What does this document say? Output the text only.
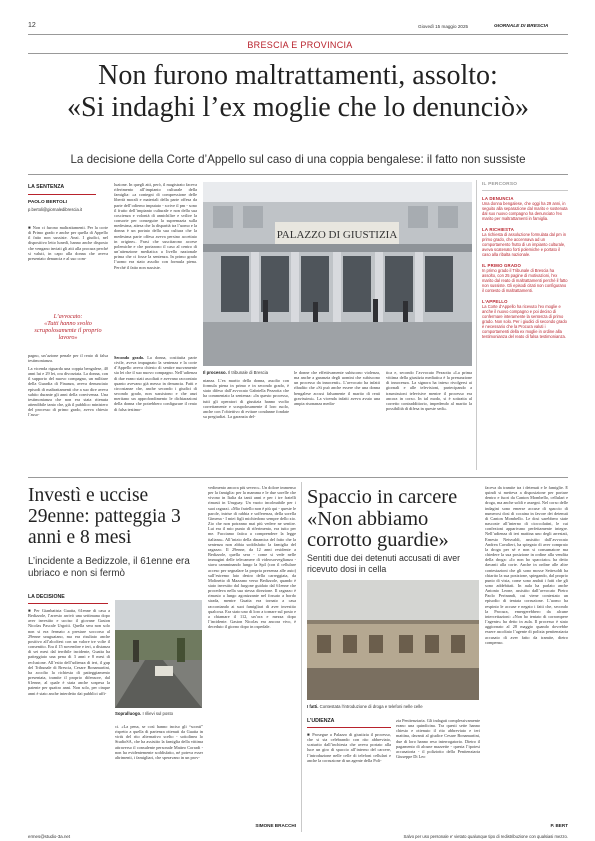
12	Giovedì 15 maggio 2025	GIORNALE DI BRESCIA
BRESCIA E PROVINCIA
Non furono maltrattamenti, assolto:
«Si indaghi l’ex moglie che lo denunciò»
La decisione della Corte d’Appello sul caso di una coppia bengalese: il fatto non sussiste
LA SENTENZA
PAOLO BERTOLI
p.bertoli@giornaledibrescia.it
■ Non ci furono maltrattamenti. Per la corte di Primo grado e anche per quella di Appello il fatto non sussiste. Anzi. I giudici, nel dispositivo letto lunedì, hanno anche disposto che vengano inviati gli atti alla procura perché si valuti, in capo alla donna che aveva presentato denuncia e al suo com-
L’avvocato:
«Tutti hanno svolto scrupolosamente il proprio lavoro»
pagno, un’azione penale per il reato di falsa testimonianza.
La vicenda riguarda una coppia bengalese, 40 anni lui e 29 lei, ora divorziata. La donna, con il supporto del nuovo compagno, un militare della Guardia di Finanza, aveva denunciato episodi di maltrattamenti che a suo dire aveva subito durante gli anni della convivenza. Una testimonianza che non era stata ritenuta attendibile tanto che, già il pubblico ministero del processo di primo grado, aveva chiesto l’asso-
luzione. In quegli atti, però, il magistrato faceva riferimento all’impianto culturale della famiglia: «a contegni di compressione delle libertà morali e materiali della parte offesa da parte dell’odierno imputato - scrive il pm - sono il frutto dell’impianto culturale e non della sua coscienza e volontà di annichilire e svilire la consorte per conseguire la supremazia sulla medesima, attesa che la disparità tra l’uomo e la donna è un portato della sua cultura che la medesima parte offesa aveva persino accettato in origine». Frasi che suscitarono accese polemiche e che portarono il caso al centro di un’attenzione mediatica a livello nazionale prima che ci fosse la sentenza. In primo grado l’uomo era stato assolto con formula piena. Perché il fatto non sussiste.
Secondo grado. La donna, costituita parte civile, aveva impugnato la sentenza e la corte d’Appello aveva chiesto di sentire nuovamente sia lei che il suo nuovo compagno. Nell’udienza di due erano stati ascoltati e avevano raccontato quanto avevano già messo in denuncia. Fatti e circostanze che, anche secondo i giudici di secondo grado, non sussistono e che anzi meritano un approfondimento le dichiarazioni della donna che potrebbero configurare il reato di falsa testimo-
PALAZZO DI GIUSTIZIA
Il processo. Il tribunale di Brescia
nianza. L’ex marito della donna, assolto con formula piena in primo e in secondo grado, è stato difeso dall’avvocato Gabriella Pezzotta che ha commentato la sentenza: «In questo processo, tutti gli operatori di giustizia hanno svolto correttamente e scrupolosamente il loro ruolo, anche con l’obiettivo di evitare condanne fondate su pregiudizi. La garanzia del-
le donne che effettivamente subiscono violenza, ma anche a garanzia degli uomini che subiscono un processo da innocenti». L’avvocato ha infatti ribadito che «Si può anche essere che una donna bengalese accusi falsamente il marito di reati gravissimi». La vicenda infatti aveva avuto una ampia risonanza media-
tica e, secondo l’avvocato Pezzotta «La prima vittima della giustizia mediatica è la presunzione di innocenza. La signora ha inteso rivolgersi ai giornali e alle televisioni, partecipando a trasmissioni televisive mentre il processo era ancora in corso. In tal modo, si è sottratta al corretto contraddittorio, impedendo al marito la possibilità di difesa in queste sedi».
IL PERCORSO
LA DENUNCIA
Una donna bengalese, che oggi ha 29 anni, in seguito alla separazione dal marito e sostenuta dal suo nuovo compagno ha denunciato l’ex marito per maltrattamenti in famiglia.
LA RICHIESTA
La richiesta di assoluzione formulata dal pm in primo grado, che accennava ad un comportamento frutto di un impianto culturale, aveva scatenato forti polemiche e portato il caso alla ribalta nazionale.
IL PRIMO GRADO
In primo grado il Tribunale di Brescia ha assolto, con 25 pagine di motivazioni, l’ex marito dal reato di maltrattamenti perché il fatto non sussiste. Gli episodi citati non configurano il contesto di maltrattamenti.
L’APPELLO
La Corte d’Appello ha ricevuto l’ex moglie e anche il nuovo compagno e poi deciso di confermare interamente la sentenza di primo grado. Non solo. Per i giudici di secondo grado è necessario che la Procura valuti i comportamenti della ex moglie in ordine alla testimonianza del reato di falsa testimonianza.
Investì e uccise 29enne: patteggia 3 anni e 8 mesi
L’incidente a Bedizzole, il 61enne era ubriaco e non si fermò
LA DECISIONE
■ Per Gianbatista Guatta, 61enne di casa a Bedizzole, l’arresto arrivò una settimana dopo aver investito e ucciso il giovane Gaston Nicolas Pascale Urgoiti. Quella sera non solo non si era fermato a prestare soccorso al 29enne uruguaiano, ma era risultato anche positivo all’alcoltest con un valore tre volte il consentito. Era il 15 novembre e ieri, a distanza di sei mesi dal terribile incidente, Guatta ha patteggiato una pena di 3 anni e 8 mesi di reclusione. All’esito dell’udienza di ieri, il gup del Tribunale di Brescia, Cesare Bonamartini, ha accolto la richiesta di patteggiamento presentata, tramite il proprio difensore, dal 61enne, al quale è stata anche sospesa la patente per quattro anni. Non solo, per cinque anni è stato anche interdetto dai pubblici uffi-
Sopralluogo. I rilievi sul posto
ci. «La pena, se così hanno inciso gli “sconti” rispetto a quella di partenza ottenuti da Guatta in virtù del rito alternativo scelto - sottolinea lo StudioSA, che ha assistito la famiglia della vittima attraverso il consulente personale Matteo Corradi - non ha evidentemente soddisfatto, né poteva esser altrimenti, i famigliari, che speravano in un prov-
vedimento ancora più severo». Un dolore immenso per la famiglia: per la mamma e le due sorelle che vivono in Italia da tanti anni e per i tre fratelli rimasti in Uruguay. Un vuoto incolmabile per i suoi ragazzi. «Mio fratello non è più qui - queste le parole, intrise di rabbia e sofferenza, della sorella Gimena - I miei figli michiedono sempre dello zio. Zio che non potranno mai più vedere ne sentire. Lui era il mio punto di riferimento, era tutto per me. Facciamo fatica a comprendere la legge italiana». All’inizio della dinamica del fatto che la sentenza non abbia soddisfatto la famiglia del ragazzo. Il 29enne, da 12 anni residente a Bedizzole, quella sera - come si vede nelle immagini delle telecamere di videosorveglianza - stava camminando lungo la Sp4 (con il cellulare acceso per segnalare la propria presenza alle auto) sull’estremo lato destro della carreggiata, da Molinetto di Mazzano verso Bedizzole, quando è stato investito dal furgone guidato dal 61enne che procedeva nella sua stessa direzione. Il ragazzo è rimasto a lungo agonizzante nel fossato a bordo strada, mentre Guatta era tornato a casa raccontando ai suoi famigliari di aver investito qualcosa. Era stato uno di loro a tornare sul posto e a chiamare il 112, un’ora e mezza dopo l’incidente. Gaston Nicolas era ancora vivo, è deceduto il giorno dopo in ospedale.
SIMONE BRACCHI
Spaccio in carcere «Non abbiamo corrotto guardie»
Sentiti due dei detenuti accusati di aver ricevuto dosi in cella
I fatti. Contestata l’introduzione di droga e telefoni nelle celle
L’UDIENZA
■ Proseguе a Palazzo di giustizia il processo, che si sta celebrando con rito abbreviato, scaturito dall’inchiesta che aveva portato alla luce un giro di spaccio all’interno del carcere, l’introduzione nelle celle di telefoni cellulari e anche la corruzione di un agente della Poli-
zia Penitenziaria. Gli indagati complessivamente erano una quindicina. Tra questi sette hanno chiesto e ottenuto il rito abbreviato e ieri mattina, davanti al giudice Cesare Bonamartini, due di loro hanno reso interrogatorio. Dietro il pagamento di alcune mazzette - questa l’ipotesi accusatoria - il poliziotto della Penitenziaria Giuseppe Di Leo
faceva da tramite tra i detenuti e le famiglie. E quindi si metteva a disposizione per portare dentro e fuori da Canton Mombello, cellulari e droga, ma anche soldi e assegni. Nel corso delle indagini sono emerse accuse di spaccio di numerosi dosi di cocaina in favore dei detenuti di Canton Mombello. Le dosi sarebbero state nascoste all’interno di cioccolatini, le cui confezioni apparivano perfettamente integre. Nell’udienza di ieri mattina uno degli arrestati, Ernesto Netsvaldi, assistito dall’avvocato Andrea Cavalieri, ha spiegato di aver comprato la droga per sé e non si consumatore ma chiedere la sua posizione in ordine alla vendita della droga: «Io non ho spacciato» ha detto davanti alla corte. Anche in ordine alle altre contestazioni che gli sono mosse Settesoldi ha chiarito la sua posizione, spiegando, dal proprio punto di vista, come sono andati i fatti che gli sono addebitati. In aula ha parlato anche Antonio Leone, assistito dall’avvocato Pietro Paolo Perinandi, cui viene contestato un episodio di tentata corruzione. L’uomo ha respinto le accuse e negato i fatti che, secondo la Procura, emergerebbero da alcune intercettazioni: «Non ho tentato di corrompere l’agente» ha detto in aula. Il processo è stato aggiornato al 28 maggio quando dovrebbe essere ascoltato l’agente di polizia penitenziaria accusato di aver fatto da tramite, dietro compenso.
P. BERT
ermes@studio-3a.net	Salvo per uso personale e' vietato qualunque tipo di redistribuzione con qualsiasi mezzo.
